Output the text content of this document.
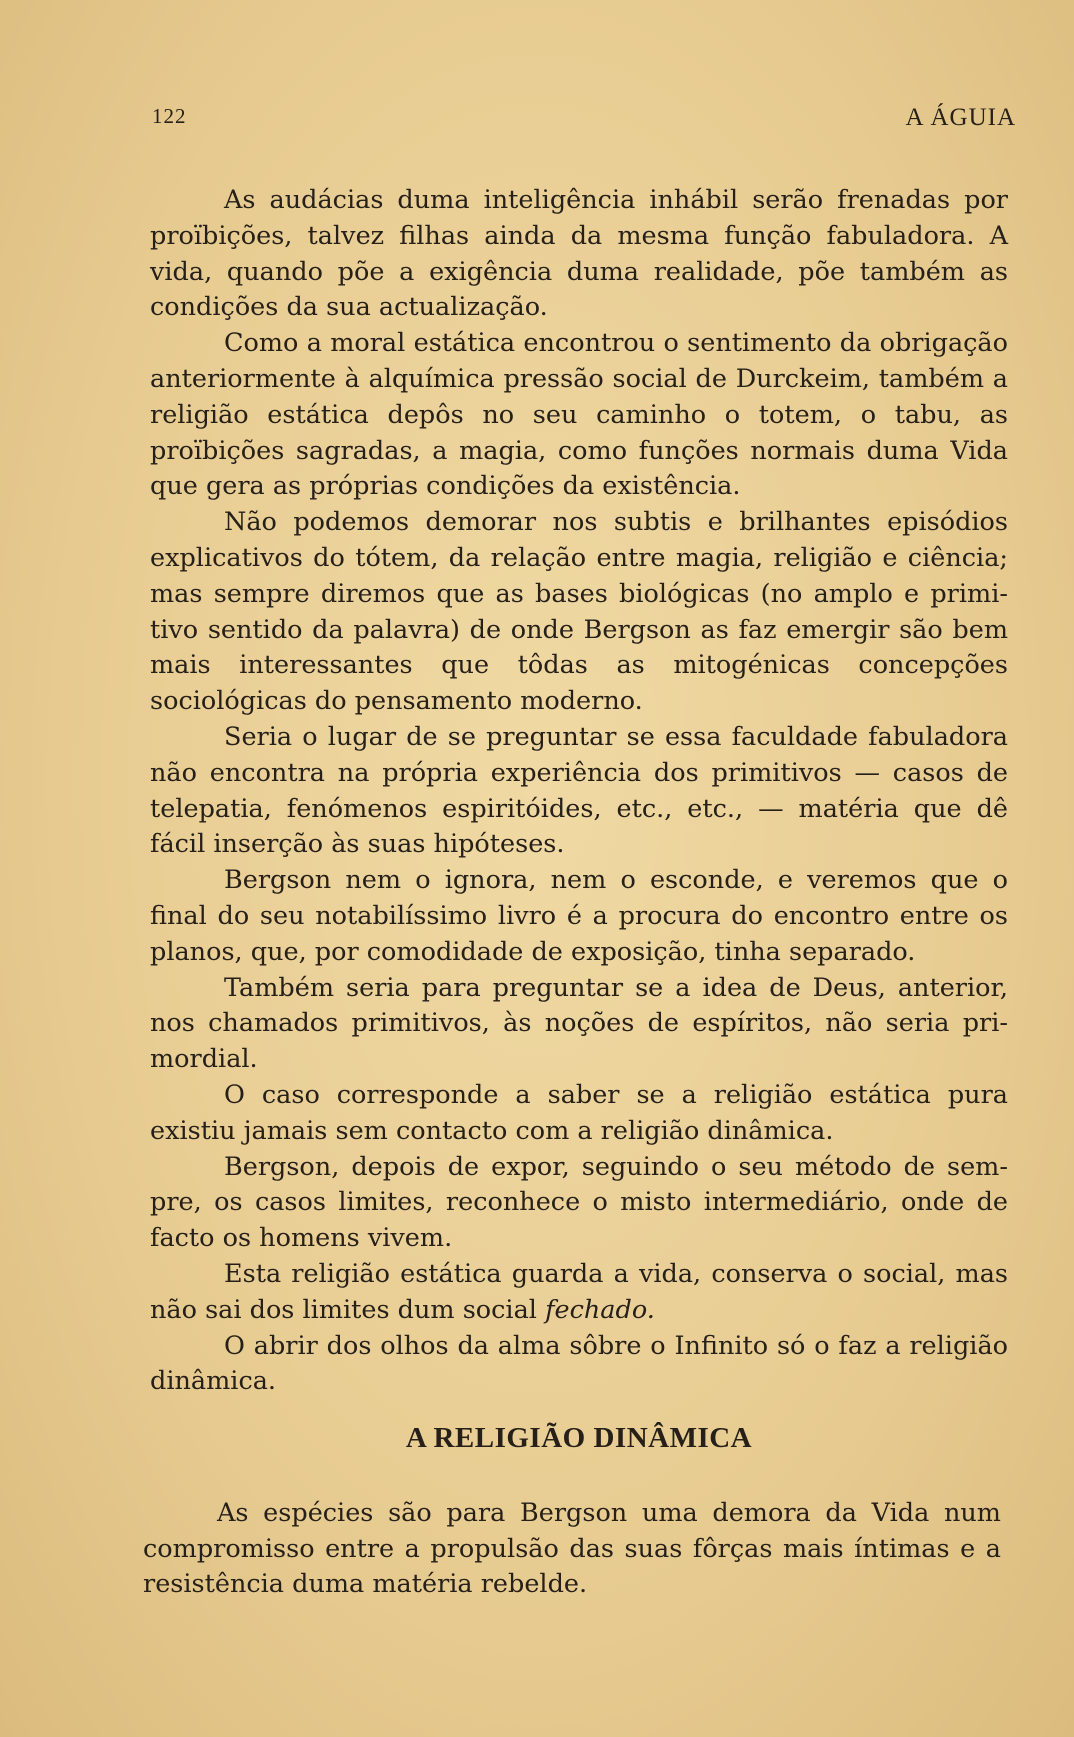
122	A ÁGUIA

As audácias duma inteligência inhábil serão frenadas por proïbições, talvez filhas ainda da mesma função fabuladora. A vida, quando põe a exigência duma realidade, põe também as condições da sua actualização.

Como a moral estática encontrou o sentimento da obrigação anteriormente à alquímica pressão social de Durckeim, também a religião estática depôs no seu caminho o totem, o tabu, as proïbições sagradas, a magia, como funções normais duma Vida que gera as próprias condições da existência.

Não podemos demorar nos subtis e brilhantes episódios explicativos do tótem, da relação entre magia, religião e ciência; mas sempre diremos que as bases biológicas (no amplo e primitivo sentido da palavra) de onde Bergson as faz emergir são bem mais interessantes que tôdas as mitogénicas concepções sociológicas do pensamento moderno.

Seria o lugar de se preguntar se essa faculdade fabuladora não encontra na própria experiência dos primitivos — casos de telepatia, fenómenos espiritóides, etc., etc., — matéria que dê fácil inserção às suas hipóteses.

Bergson nem o ignora, nem o esconde, e veremos que o final do seu notabilíssimo livro é a procura do encontro entre os planos, que, por comodidade de exposição, tinha separado.

Também seria para preguntar se a idea de Deus, anterior, nos chamados primitivos, às noções de espíritos, não seria primordial.

O caso corresponde a saber se a religião estática pura existiu jamais sem contacto com a religião dinâmica.

Bergson, depois de expor, seguindo o seu método de sempre, os casos limites, reconhece o misto intermediário, onde de facto os homens vivem.

Esta religião estática guarda a vida, conserva o social, mas não sai dos limites dum social fechado.

O abrir dos olhos da alma sôbre o Infinito só o faz a religião dinâmica.

A RELIGIÃO DINÂMICA

As espécies são para Bergson uma demora da Vida num compromisso entre a propulsão das suas fôrças mais íntimas e a resistência duma matéria rebelde.
